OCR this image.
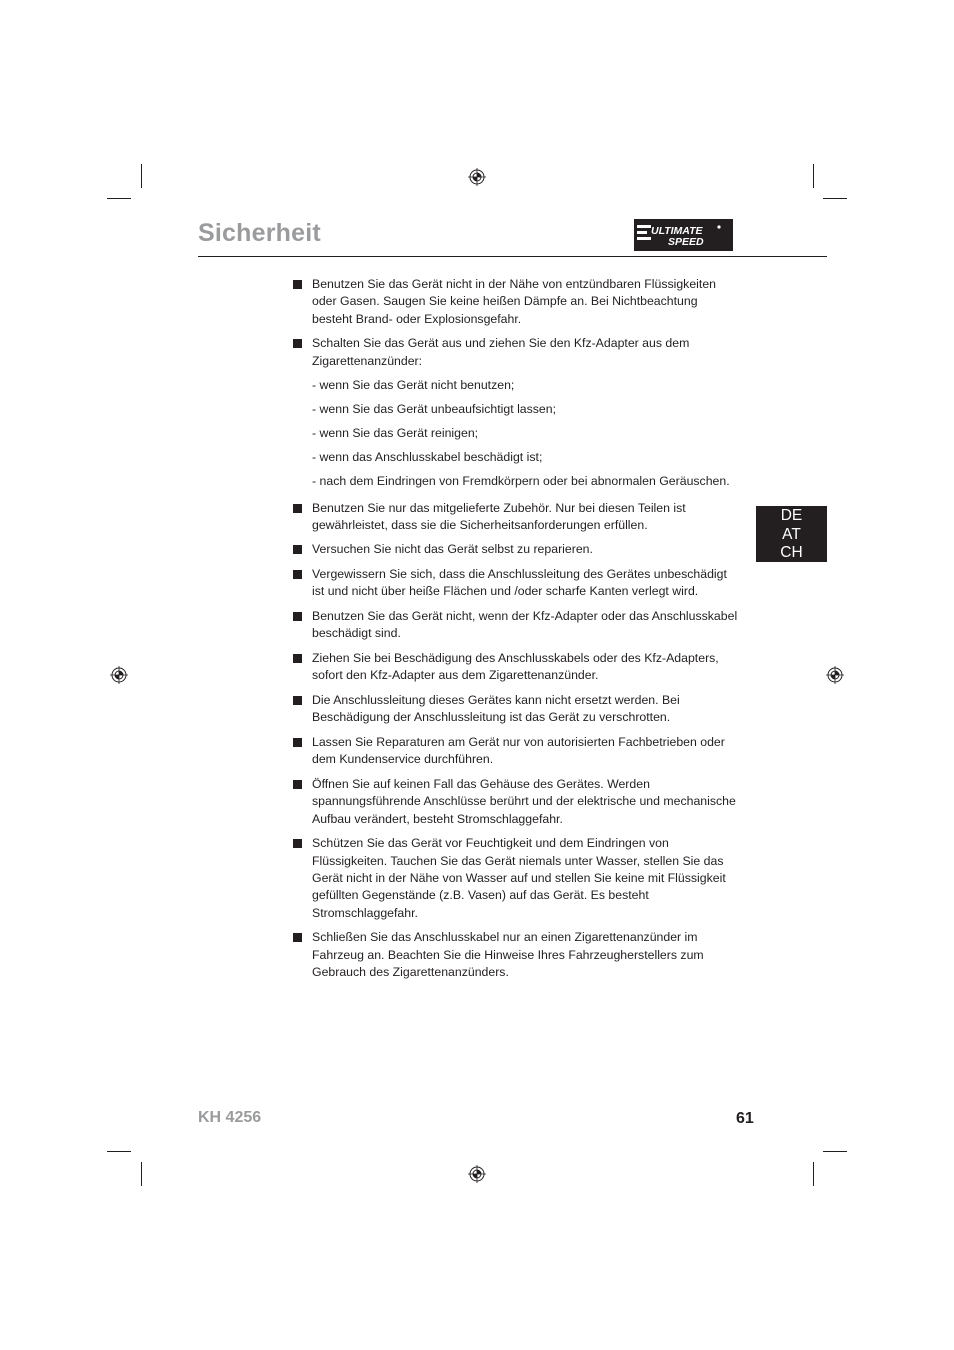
Sicherheit	ULTIMATE
SPEED
DE
AT
CH
Benutzen Sie das Gerät nicht in der Nähe von entzündbaren Flüssigkeiten oder Gasen. Saugen Sie keine heißen Dämpfe an. Bei Nichtbeachtung besteht Brand- oder Explosionsgefahr.
Schalten Sie das Gerät aus und ziehen Sie den Kfz-Adapter aus dem Zigarettenanzünder:
- wenn Sie das Gerät nicht benutzen;
- wenn Sie das Gerät unbeaufsichtigt lassen;
- wenn Sie das Gerät reinigen;
- wenn das Anschlusskabel beschädigt ist;
- nach dem Eindringen von Fremdkörpern oder bei abnormalen Geräuschen.
Benutzen Sie nur das mitgelieferte Zubehör. Nur bei diesen Teilen ist gewährleistet, dass sie die Sicherheitsanforderungen erfüllen.
Versuchen Sie nicht das Gerät selbst zu reparieren.
Vergewissern Sie sich, dass die Anschlussleitung des Gerätes unbeschädigt ist und nicht über heiße Flächen und /oder scharfe Kanten verlegt wird.
Benutzen Sie das Gerät nicht, wenn der Kfz-Adapter oder das Anschlusskabel beschädigt sind.
Ziehen Sie bei Beschädigung des Anschlusskabels oder des Kfz-Adapters, sofort den Kfz-Adapter aus dem Zigarettenanzünder.
Die Anschlussleitung dieses Gerätes kann nicht ersetzt werden. Bei Beschädigung der Anschlussleitung ist das Gerät zu verschrotten.
Lassen Sie Reparaturen am Gerät nur von autorisierten Fachbetrieben oder dem Kundenservice durchführen.
Öffnen Sie auf keinen Fall das Gehäuse des Gerätes. Werden spannungsführende Anschlüsse berührt und der elektrische und mechanische Aufbau verändert, besteht Stromschlaggefahr.
Schützen Sie das Gerät vor Feuchtigkeit und dem Eindringen von Flüssigkeiten. Tauchen Sie das Gerät niemals unter Wasser, stellen Sie das Gerät nicht in der Nähe von Wasser auf und stellen Sie keine mit Flüssigkeit gefüllten Gegenstände (z.B. Vasen) auf das Gerät. Es besteht Stromschlaggefahr.
Schließen Sie das Anschlusskabel nur an einen Zigarettenanzünder im Fahrzeug an. Beachten Sie die Hinweise Ihres Fahrzeugherstellers zum Gebrauch des Zigarettenanzünders.
KH 4256	61
